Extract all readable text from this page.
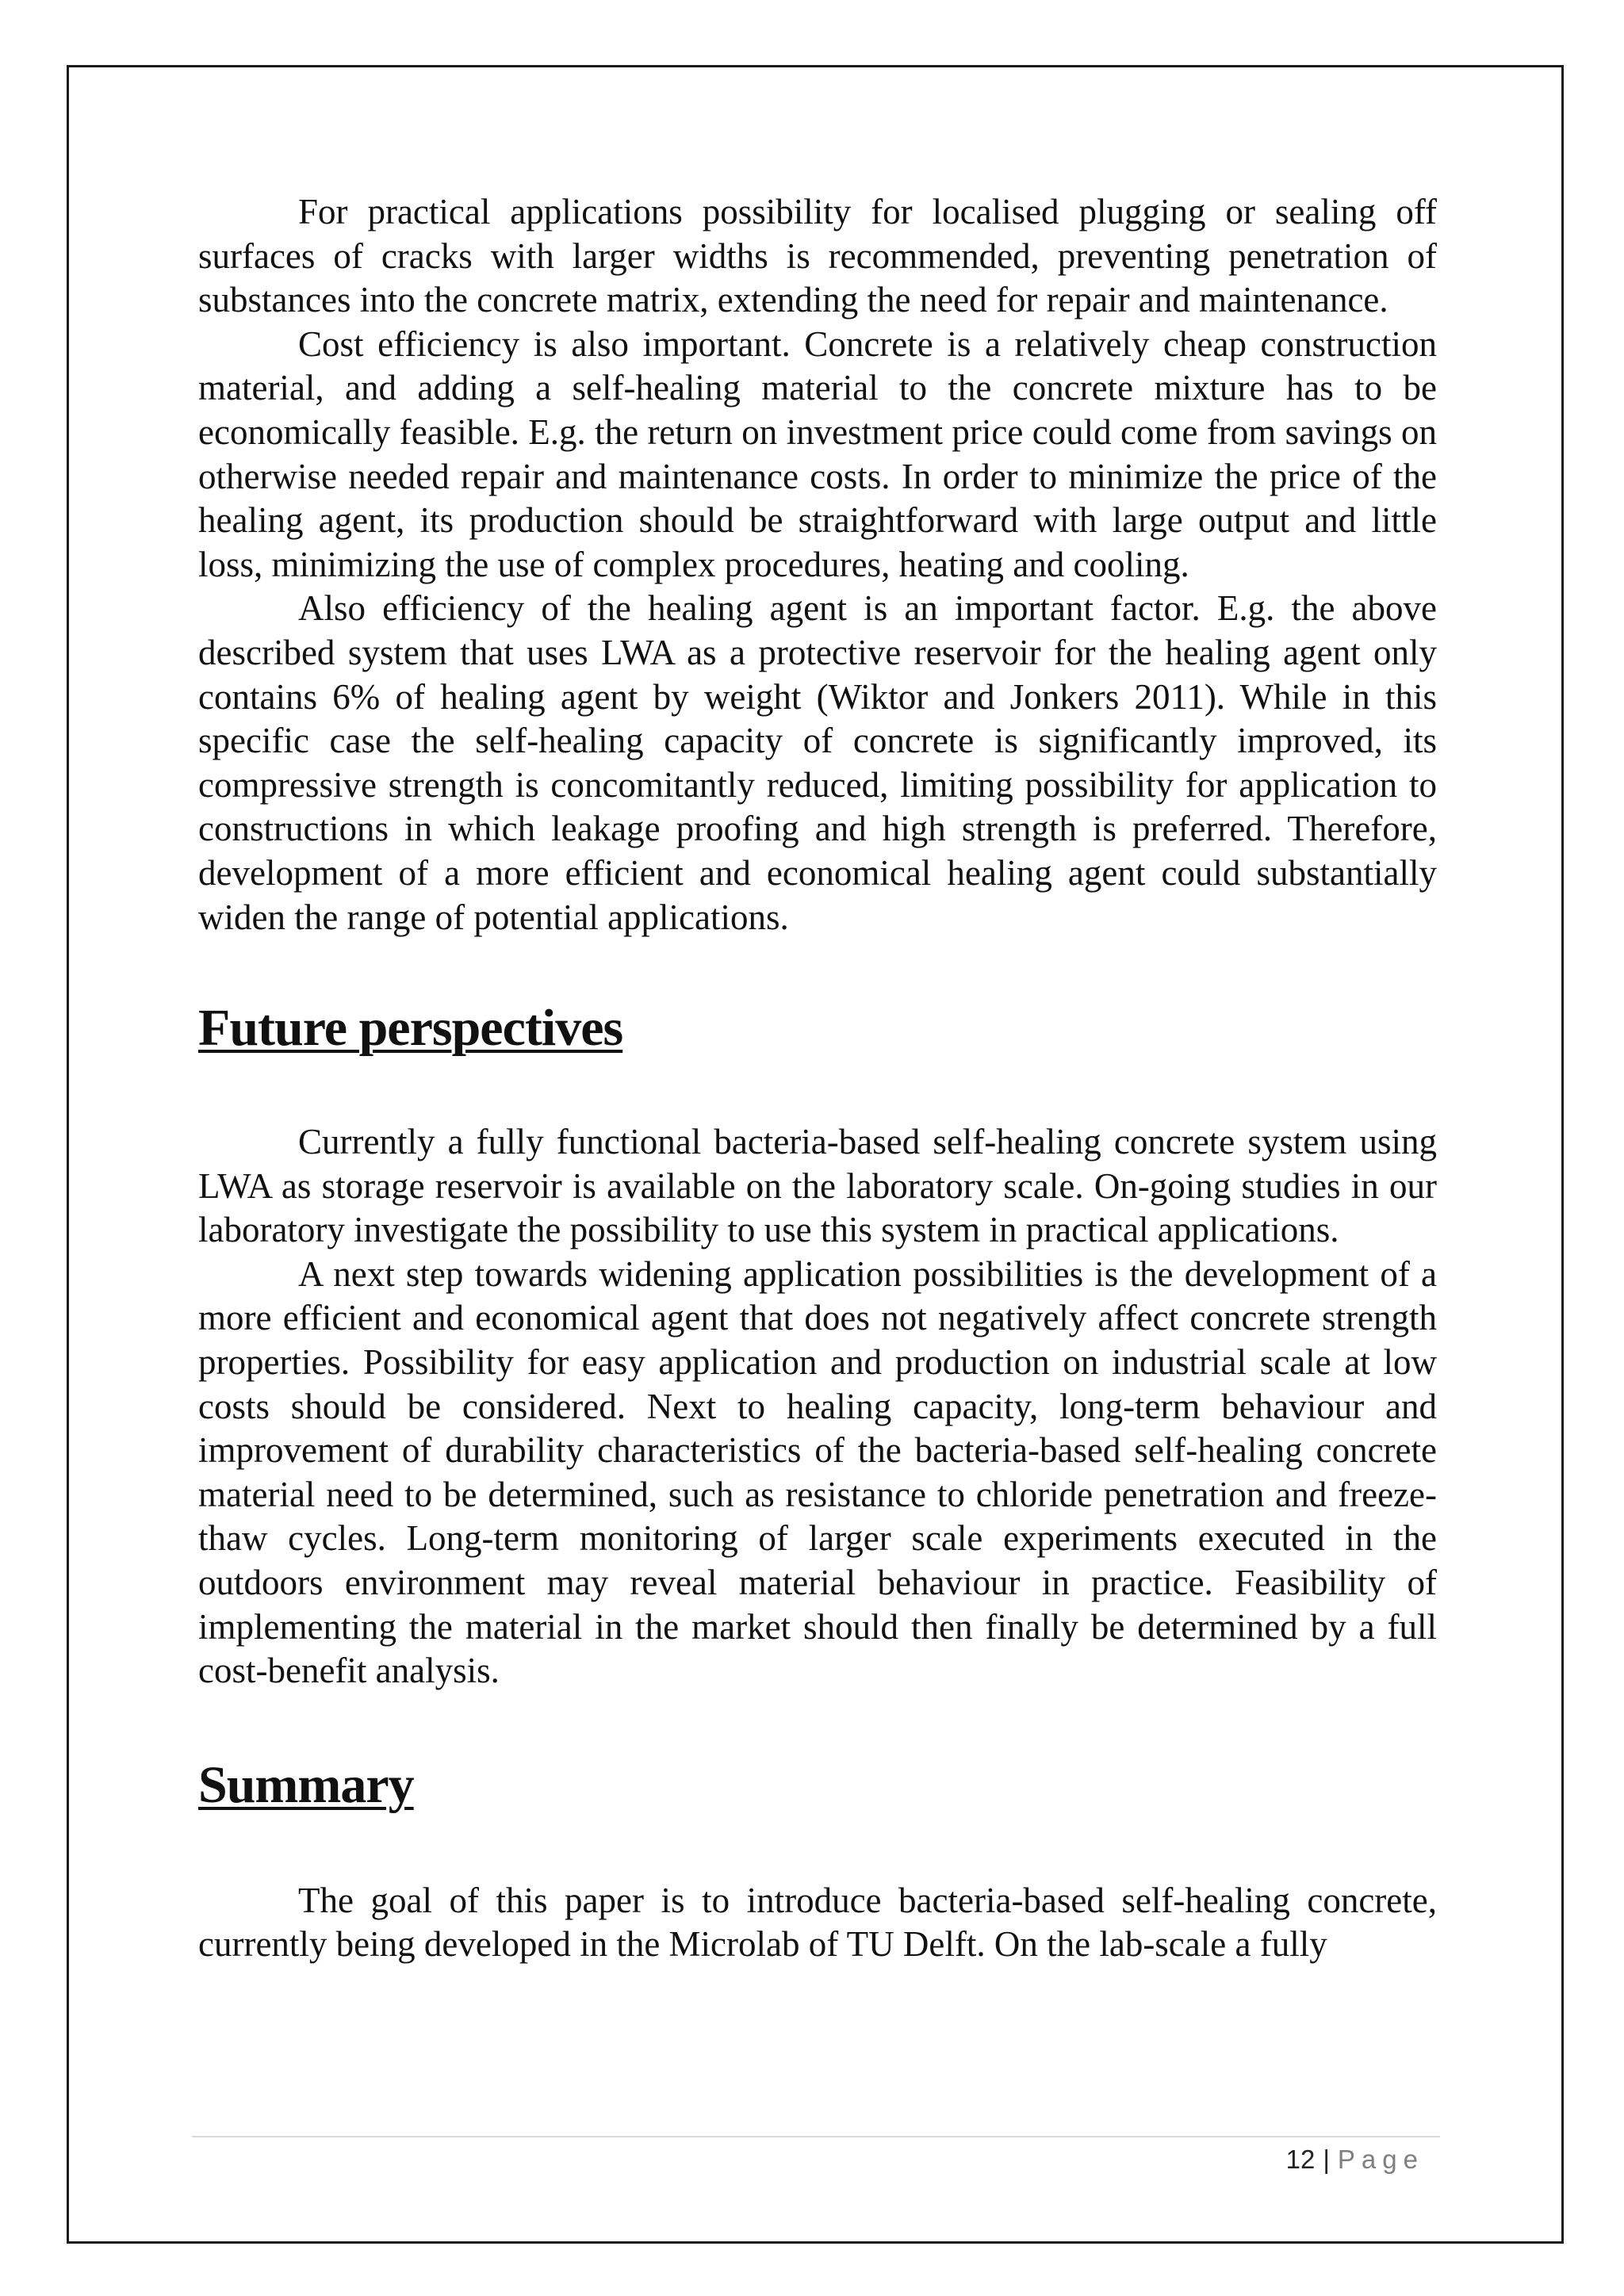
For practical applications possibility for localised plugging or sealing off surfaces of cracks with larger widths is recommended, preventing penetration of substances into the concrete matrix, extending the need for repair and maintenance.

Cost efficiency is also important. Concrete is a relatively cheap construction material, and adding a self-healing material to the concrete mixture has to be economically feasible. E.g. the return on investment price could come from savings on otherwise needed repair and maintenance costs. In order to minimize the price of the healing agent, its production should be straightforward with large output and little loss, minimizing the use of complex procedures, heating and cooling.

Also efficiency of the healing agent is an important factor. E.g. the above described system that uses LWA as a protective reservoir for the healing agent only contains 6% of healing agent by weight (Wiktor and Jonkers 2011). While in this specific case the self-healing capacity of concrete is significantly improved, its compressive strength is concomitantly reduced, limiting possibility for application to constructions in which leakage proofing and high strength is preferred. Therefore, development of a more efficient and economical healing agent could substantially widen the range of potential applications.

Future perspectives

Currently a fully functional bacteria-based self-healing concrete system using LWA as storage reservoir is available on the laboratory scale. On-going studies in our laboratory investigate the possibility to use this system in practical applications.

A next step towards widening application possibilities is the development of a more efficient and economical agent that does not negatively affect concrete strength properties. Possibility for easy application and production on industrial scale at low costs should be considered. Next to healing capacity, long-term behaviour and improvement of durability characteristics of the bacteria-based self-healing concrete material need to be determined, such as resistance to chloride penetration and freeze-thaw cycles. Long-term monitoring of larger scale experiments executed in the outdoors environment may reveal material behaviour in practice. Feasibility of implementing the material in the market should then finally be determined by a full cost-benefit analysis.

Summary

The goal of this paper is to introduce bacteria-based self-healing concrete, currently being developed in the Microlab of TU Delft. On the lab-scale a fully

12 | Page
